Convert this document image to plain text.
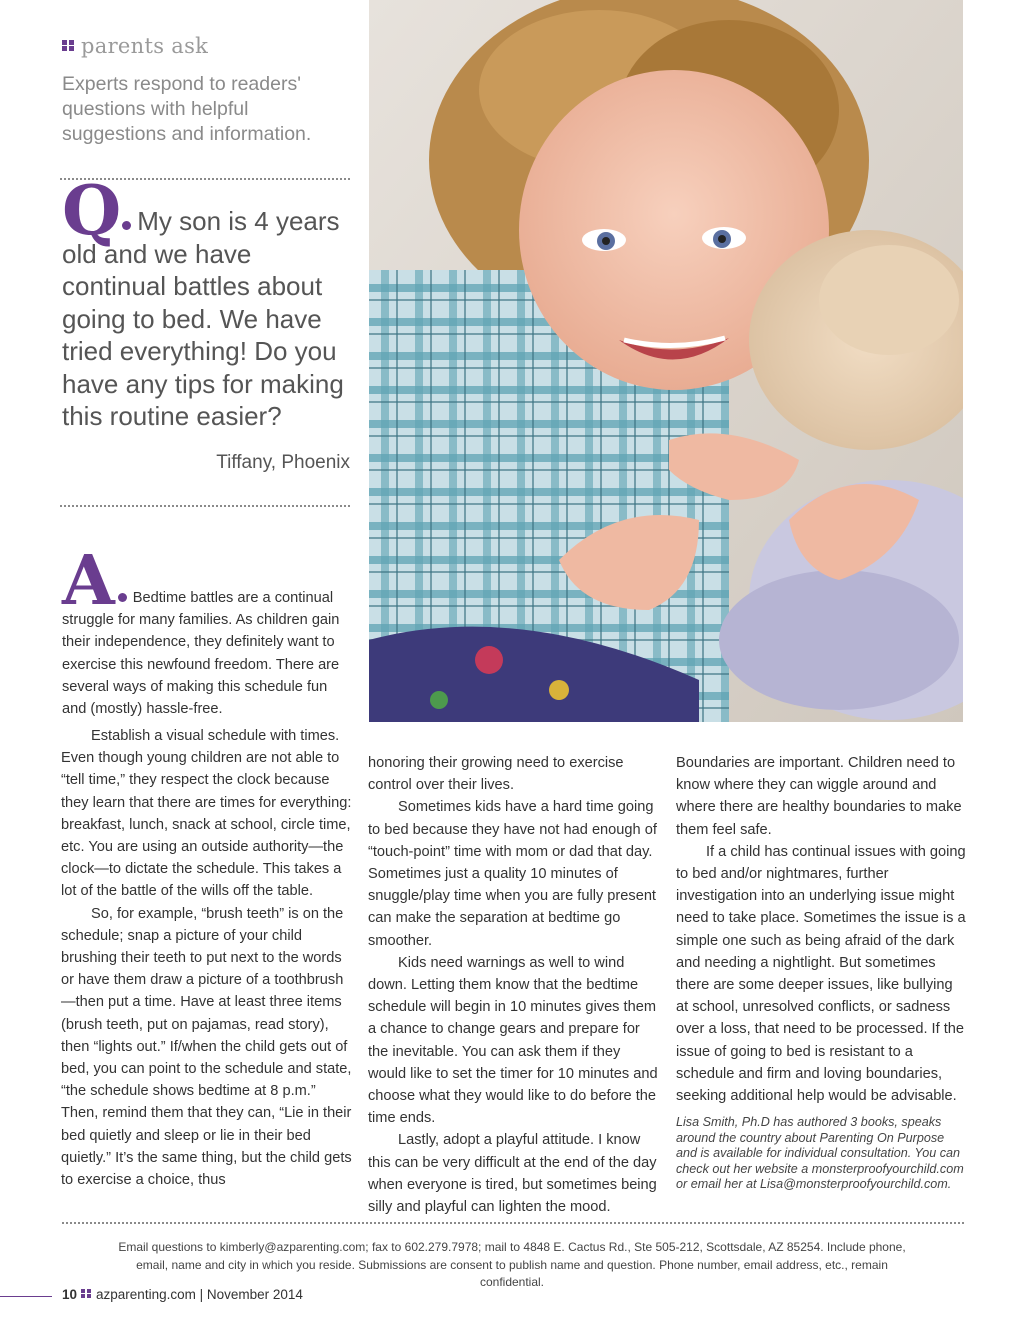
parents ask
Experts respond to readers' questions with helpful suggestions and information.
Q My son is 4 years old and we have continual battles about going to bed. We have tried everything! Do you have any tips for making this routine easier?
Tiffany, Phoenix
A Bedtime battles are a continual struggle for many families. As children gain their independence, they definitely want to exercise this newfound freedom. There are several ways of making this schedule fun and (mostly) hassle-free.

Establish a visual schedule with times. Even though young children are not able to “tell time,” they respect the clock because they learn that there are times for everything: breakfast, lunch, snack at school, circle time, etc. You are using an outside authority—the clock—to dictate the schedule. This takes a lot of the battle of the wills off the table.

So, for example, “brush teeth” is on the schedule; snap a picture of your child brushing their teeth to put next to the words or have them draw a picture of a toothbrush—then put a time. Have at least three items (brush teeth, put on pajamas, read story), then “lights out.” If/when the child gets out of bed, you can point to the schedule and state, “the schedule shows bedtime at 8 p.m.” Then, remind them that they can, “Lie in their bed quietly and sleep or lie in their bed quietly.” It’s the same thing, but the child gets to exercise a choice, thus

honoring their growing need to exercise control over their lives.

Sometimes kids have a hard time going to bed because they have not had enough of “touch-point” time with mom or dad that day. Sometimes just a quality 10 minutes of snuggle/play time when you are fully present can make the separation at bedtime go smoother.

Kids need warnings as well to wind down. Letting them know that the bedtime schedule will begin in 10 minutes gives them a chance to change gears and prepare for the inevitable. You can ask them if they would like to set the timer for 10 minutes and choose what they would like to do before the time ends.

Lastly, adopt a playful attitude. I know this can be very difficult at the end of the day when everyone is tired, but sometimes being silly and playful can lighten the mood.

Boundaries are important. Children need to know where they can wiggle around and where there are healthy boundaries to make them feel safe.

If a child has continual issues with going to bed and/or nightmares, further investigation into an underlying issue might need to take place. Sometimes the issue is a simple one such as being afraid of the dark and needing a nightlight. But sometimes there are some deeper issues, like bullying at school, unresolved conflicts, or sadness over a loss, that need to be processed. If the issue of going to bed is resistant to a schedule and firm and loving boundaries, seeking additional help would be advisable.

Lisa Smith, Ph.D has authored 3 books, speaks around the country about Parenting On Purpose and is available for individual consultation. You can check out her website a monsterproofyourchild.com or email her at Lisa@monsterproofyourchild.com.
Email questions to kimberly@azparenting.com; fax to 602.279.7978; mail to 4848 E. Cactus Rd., Ste 505-212, Scottsdale, AZ 85254. Include phone, email, name and city in which you reside. Submissions are consent to publish name and question. Phone number, email address, etc., remain confidential.
10 azparenting.com | November 2014
